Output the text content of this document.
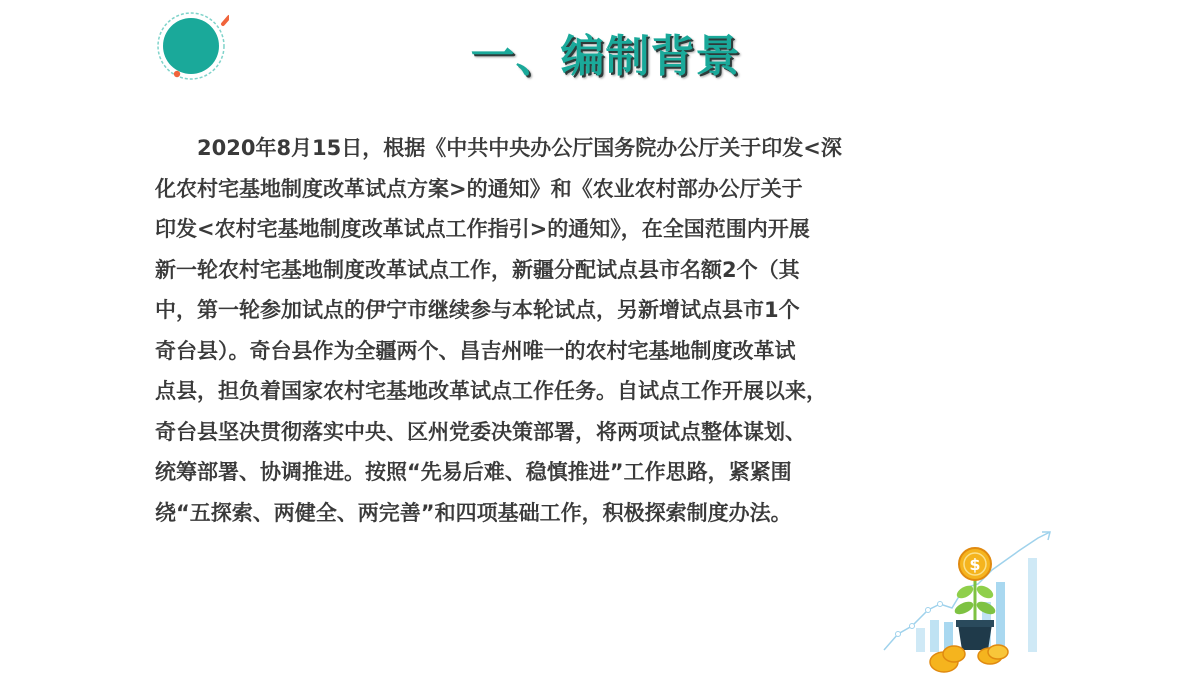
一、编制背景
2020年8月15日，根据《中共中央办公厅国务院办公厅关于印发<深
化农村宅基地制度改革试点方案>的通知》和《农业农村部办公厅关于
印发<农村宅基地制度改革试点工作指引>的通知》，在全国范围内开展
新一轮农村宅基地制度改革试点工作，新疆分配试点县市名额2个（其
中，第一轮参加试点的伊宁市继续参与本轮试点，另新增试点县市1个
奇台县）。奇台县作为全疆两个、昌吉州唯一的农村宅基地制度改革试
点县，担负着国家农村宅基地改革试点工作任务。自试点工作开展以来，
奇台县坚决贯彻落实中央、区州党委决策部署，将两项试点整体谋划、
统筹部署、协调推进。按照“先易后难、稳慎推进”工作思路，紧紧围
绕“五探索、两健全、两完善”和四项基础工作，积极探索制度办法。
$
